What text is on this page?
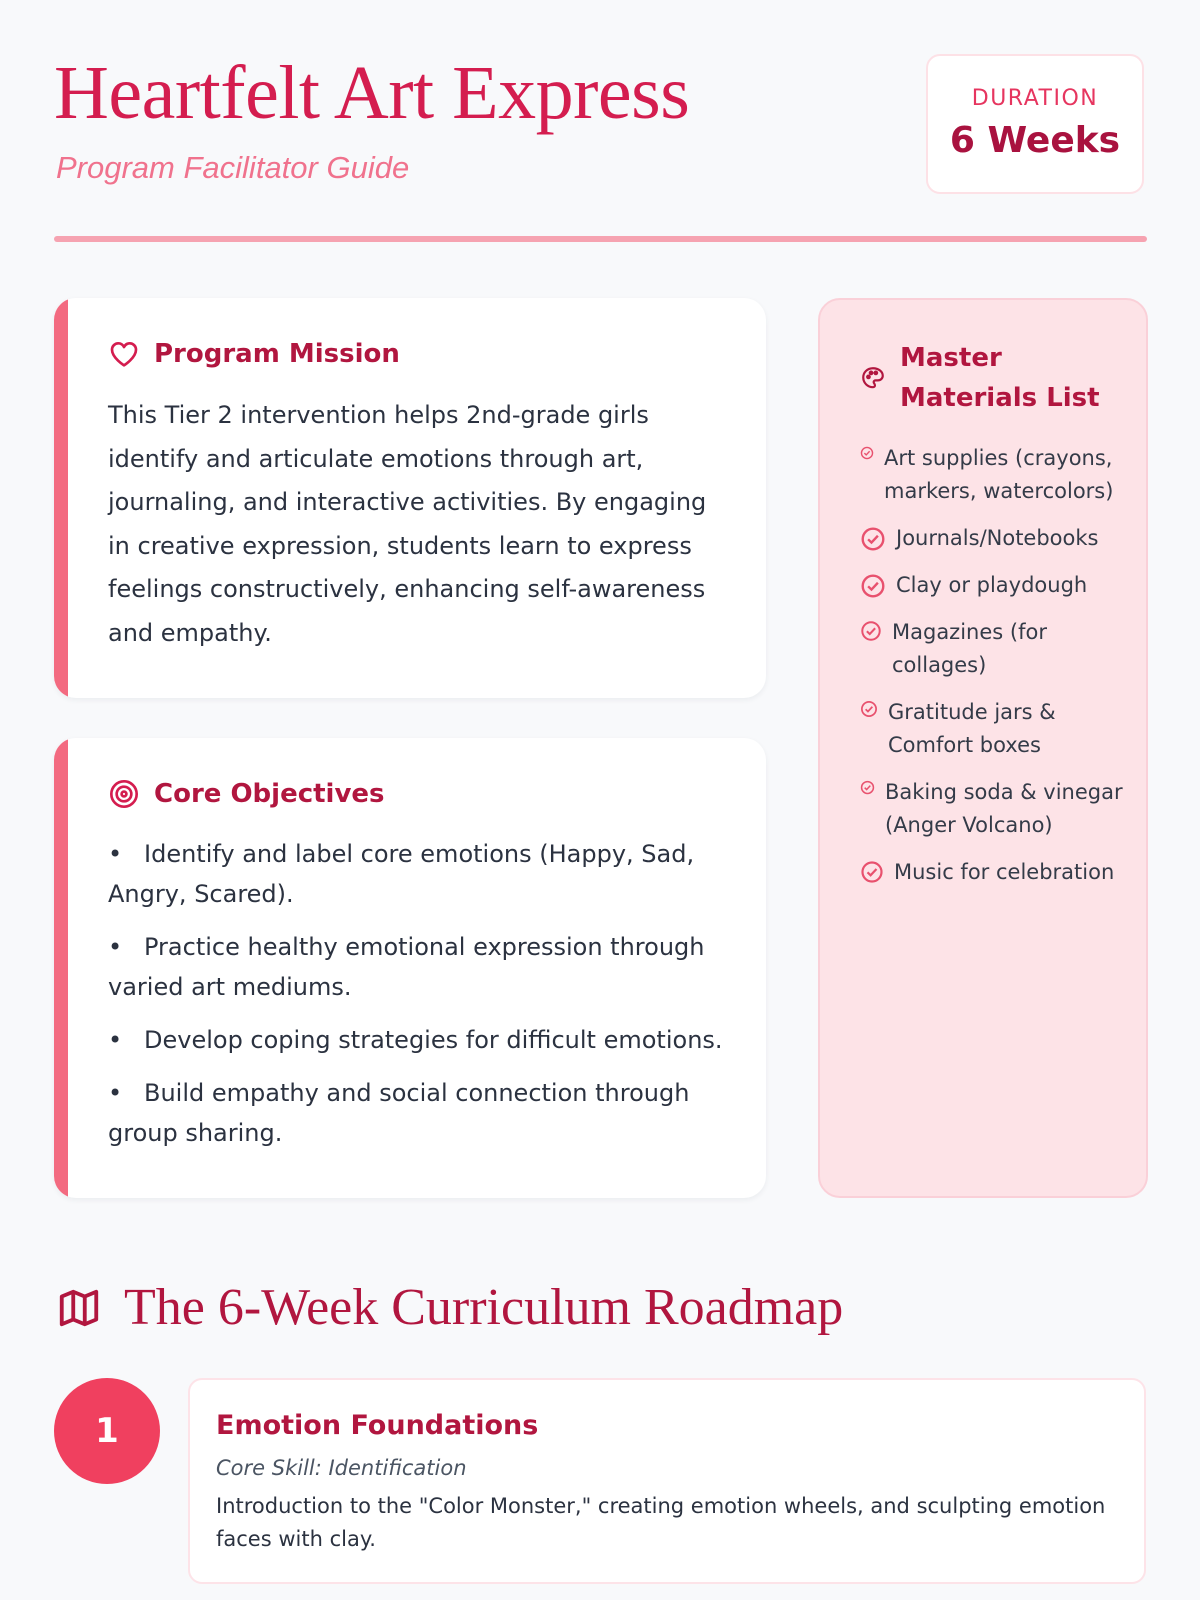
Heartfelt Art Express
Program Facilitator Guide
DURATION
6 Weeks
Program Mission
This Tier 2 intervention helps 2nd-grade girls identify and articulate emotions through art, journaling, and interactive activities. By engaging in creative expression, students learn to express feelings constructively, enhancing self-awareness and empathy.
Core Objectives
• Identify and label core emotions (Happy, Sad, Angry, Scared).
• Practice healthy emotional expression through varied art mediums.
• Develop coping strategies for difficult emotions.
• Build empathy and social connection through group sharing.
Master Materials List
Art supplies (crayons, markers, watercolors)
Journals/Notebooks
Clay or playdough
Magazines (for collages)
Gratitude jars & Comfort boxes
Baking soda & vinegar (Anger Volcano)
Music for celebration
The 6-Week Curriculum Roadmap
1	Emotion Foundations
Core Skill: Identification
Introduction to the "Color Monster," creating emotion wheels, and sculpting emotion faces with clay.
